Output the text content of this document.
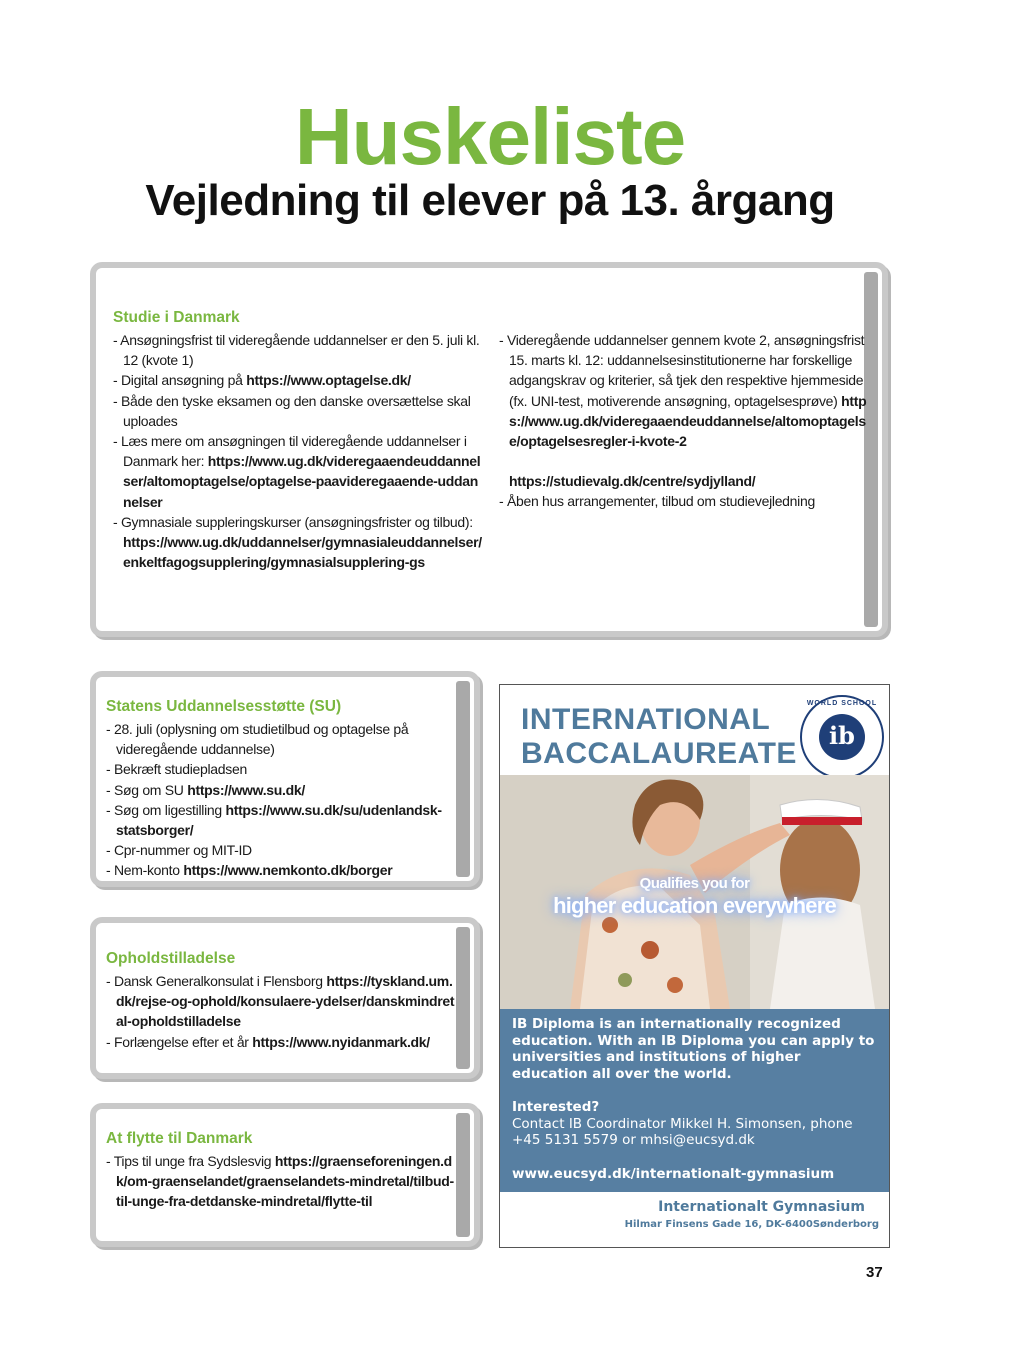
Huskeliste
Vejledning til elever på 13. årgang
Studie i Danmark
- Ansøgningsfrist til videregående uddannelser er den 5. juli kl. 12 (kvote 1)
- Digital ansøgning på https://www.optagelse.dk/
- Både den tyske eksamen og den danske oversættelse skal uploades
- Læs mere om ansøgningen til videregående uddannelser i Danmark her: https://www.ug.dk/videregaaendeuddannelser/altomoptagelse/optagelse-paavideregaaende-uddannelser
- Gymnasiale suppleringskurser (ansøgningsfrister og tilbud): https://www.ug.dk/uddannelser/gymnasialeuddannelser/enkeltfagogsupplering/gymnasialsupplering-gs
- Videregående uddannelser gennem kvote 2, ansøgningsfrist 15. marts kl. 12: uddannelsesinstitutionerne har forskellige adgangskrav og kriterier, så tjek den respektive hjemmeside (fx. UNI-test, motiverende ansøgning, optagelsesprøve) https://www.ug.dk/videregaaendeuddannelse/altomoptagelse/optagelsesregler-i-kvote-2
https://studievalg.dk/centre/sydjylland/
- Åben hus arrangementer, tilbud om studievejledning
Statens Uddannelsesstøtte (SU)
- 28. juli (oplysning om studietilbud og optagelse på videregående uddannelse)
- Bekræft studiepladsen
- Søg om SU https://www.su.dk/
- Søg om ligestilling https://www.su.dk/su/udenlandsk-statsborger/
- Cpr-nummer og MIT-ID
- Nem-konto https://www.nemkonto.dk/borger
Opholdstilladelse
- Dansk Generalkonsulat i Flensborg https://tyskland.um.dk/rejse-og-ophold/konsulaere-ydelser/danskmindretal-opholdstilladelse
- Forlængelse efter et år https://www.nyidanmark.dk/
At flytte til Danmark
- Tips til unge fra Sydslesvig https://graenseforeningen.dk/om-graenselandet/graenselandets-mindretal/tilbud-til-unge-fra-detdanske-mindretal/flytte-til
INTERNATIONAL
BACCALAUREATE
WORLD SCHOOL
ib
Qualifies you for
higher education everywhere
IB Diploma is an internationally recognized education. With an IB Diploma you can apply to universities and institutions of higher education all over the world.
Interested?
Contact IB Coordinator Mikkel H. Simonsen, phone +45 5131 5579 or mhsi@eucsyd.dk
www.eucsyd.dk/internationalt-gymnasium
Internationalt Gymnasium
Hilmar Finsens Gade 16, DK-6400Sønderborg
37
